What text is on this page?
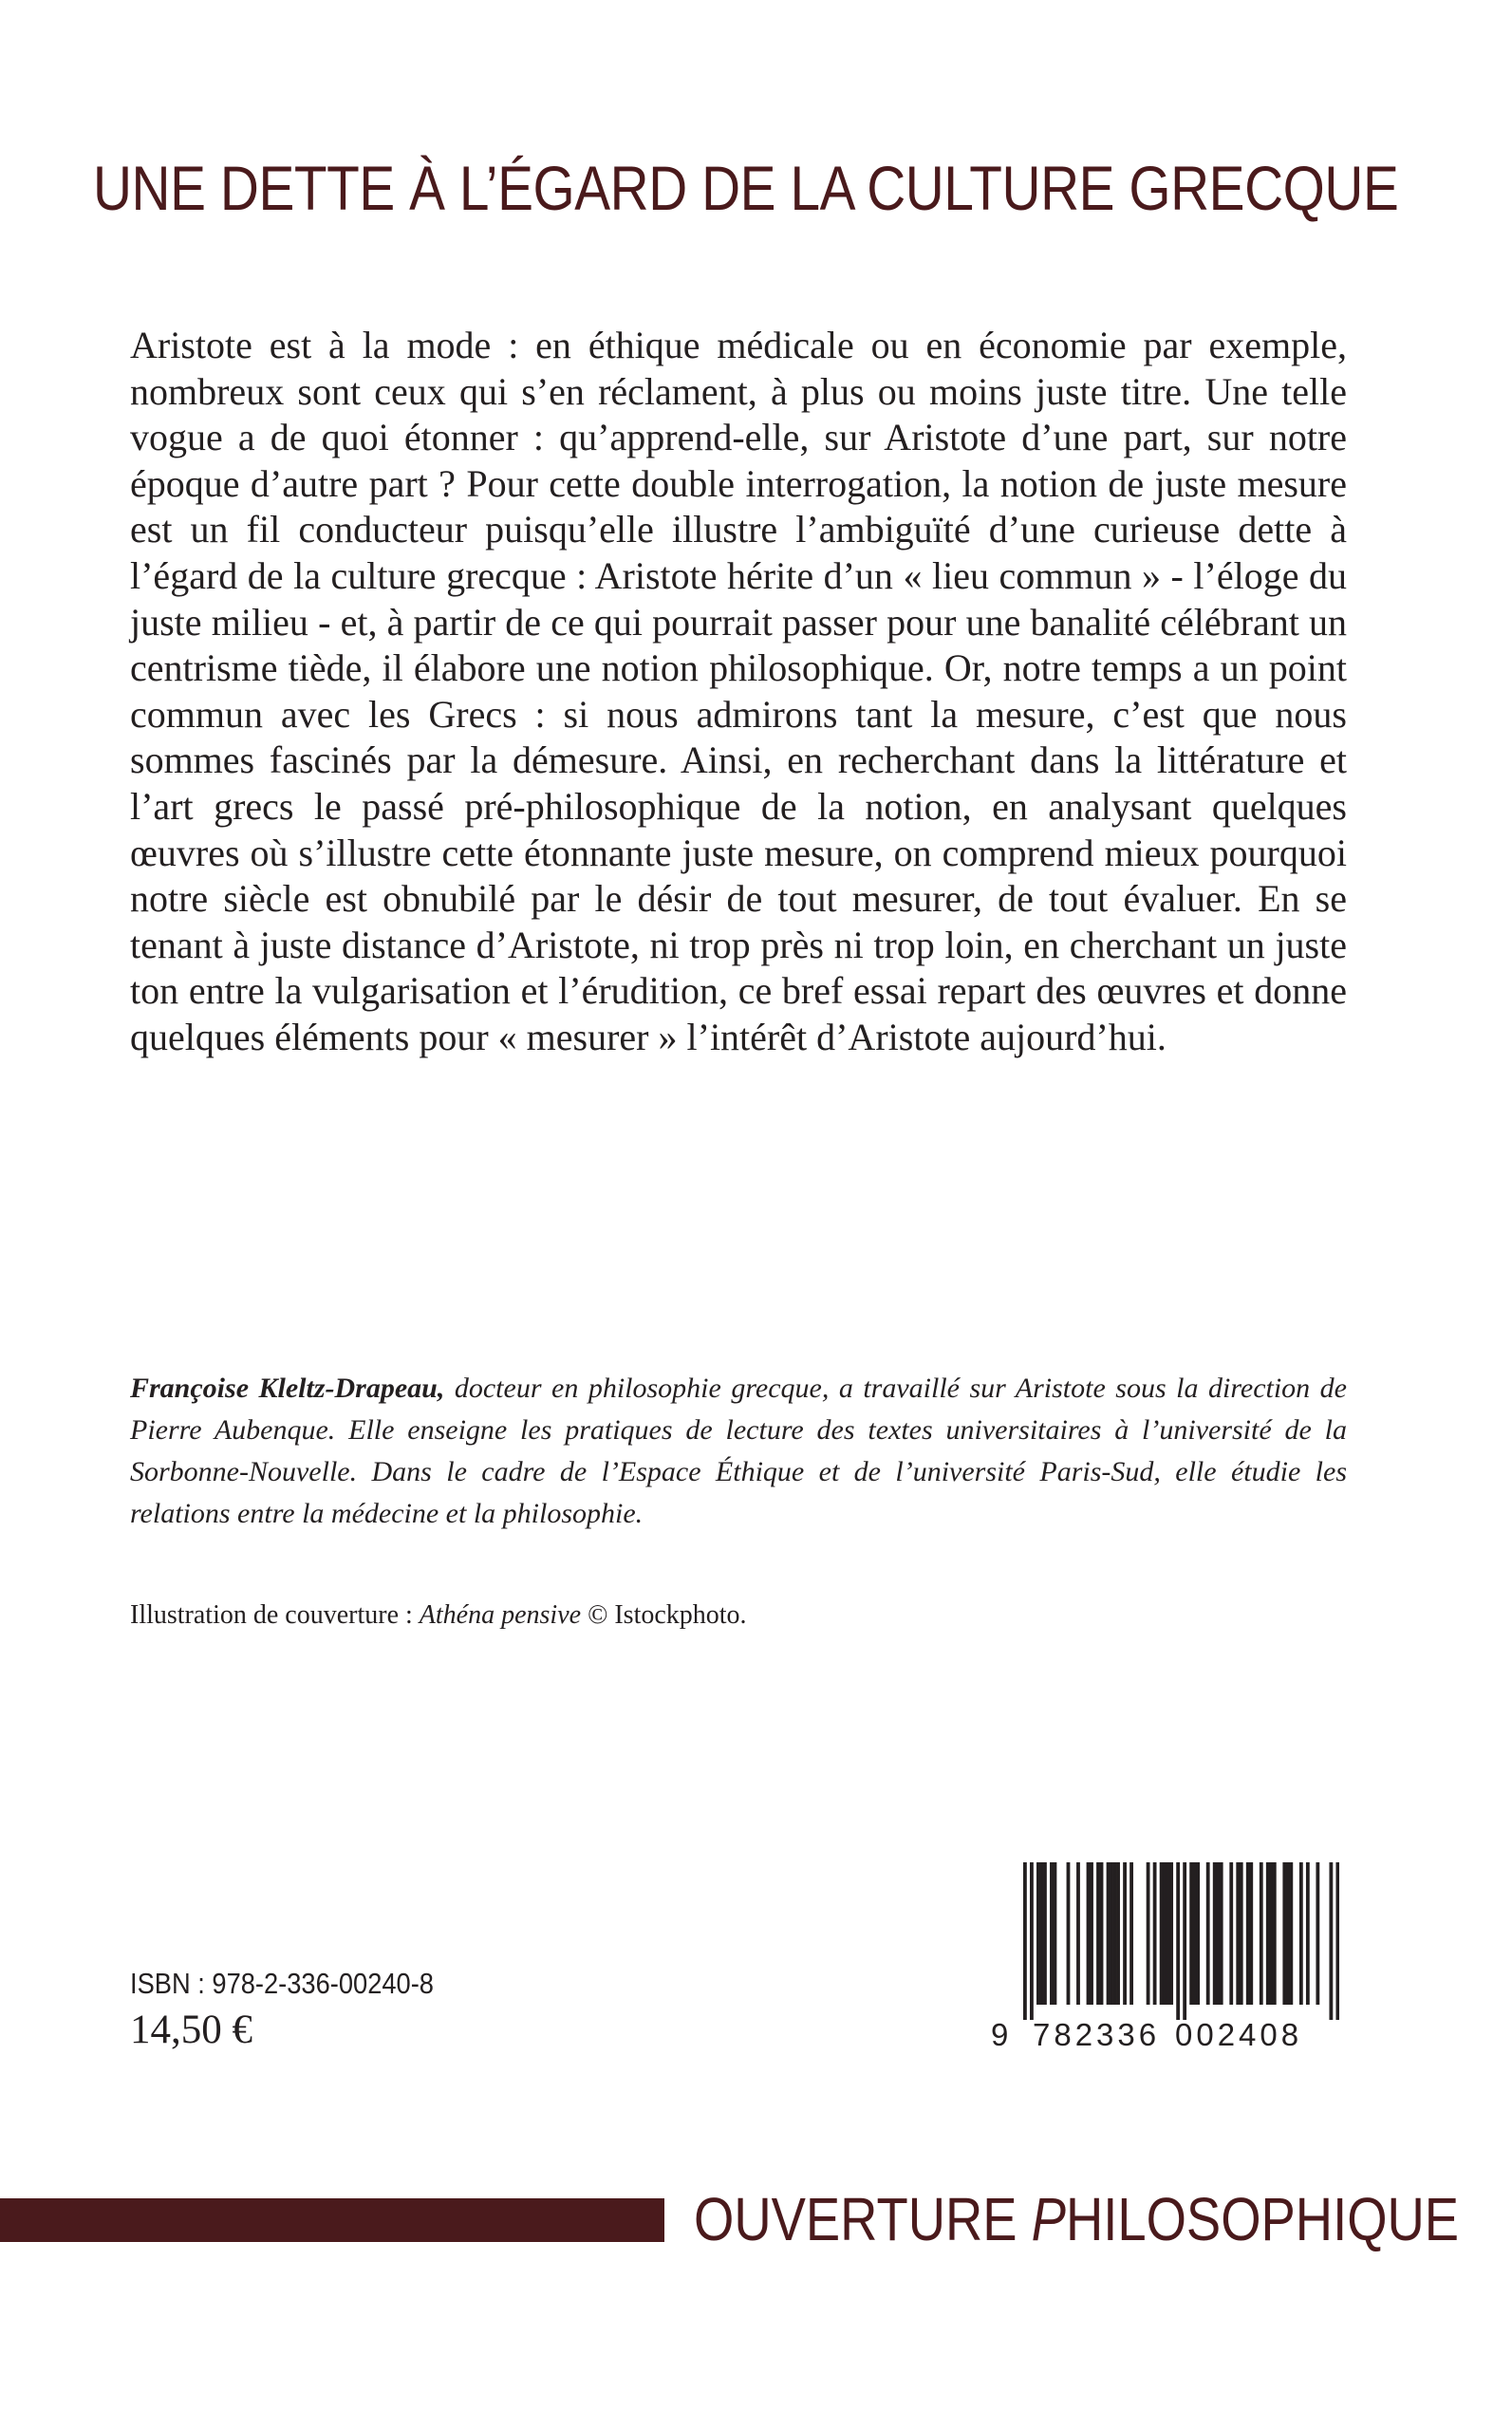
UNE DETTE À L’ÉGARD DE LA CULTURE GRECQUE

Aristote est à la mode : en éthique médicale ou en économie par exemple, nombreux sont ceux qui s’en réclament, à plus ou moins juste titre. Une telle vogue a de quoi étonner : qu’apprend-elle, sur Aristote d’une part, sur notre époque d’autre part ? Pour cette double interrogation, la notion de juste mesure est un fil conducteur puisqu’elle illustre l’ambiguïté d’une curieuse dette à l’égard de la culture grecque : Aristote hérite d’un « lieu commun » - l’éloge du juste milieu - et, à partir de ce qui pourrait passer pour une banalité célébrant un centrisme tiède, il élabore une notion philosophique. Or, notre temps a un point commun avec les Grecs : si nous admirons tant la mesure, c’est que nous sommes fascinés par la démesure. Ainsi, en recherchant dans la littérature et l’art grecs le passé pré-philosophique de la notion, en analysant quelques œuvres où s’illustre cette étonnante juste mesure, on comprend mieux pourquoi notre siècle est obnubilé par le désir de tout mesurer, de tout évaluer. En se tenant à juste distance d’Aristote, ni trop près ni trop loin, en cherchant un juste ton entre la vulgarisation et l’érudition, ce bref essai repart des œuvres et donne quelques éléments pour « mesurer » l’intérêt d’Aristote aujourd’hui.

Françoise Kleltz-Drapeau, docteur en philosophie grecque, a travaillé sur Aristote sous la direction de Pierre Aubenque. Elle enseigne les pratiques de lecture des textes universitaires à l’université de la Sorbonne-Nouvelle. Dans le cadre de l’Espace Éthique et de l’université Paris-Sud, elle étudie les relations entre la médecine et la philosophie.

Illustration de couverture : Athéna pensive © Istockphoto.

ISBN : 978-2-336-00240-8
14,50 €	9 782336 002408
OUVERTURE PHILOSOPHIQUE
